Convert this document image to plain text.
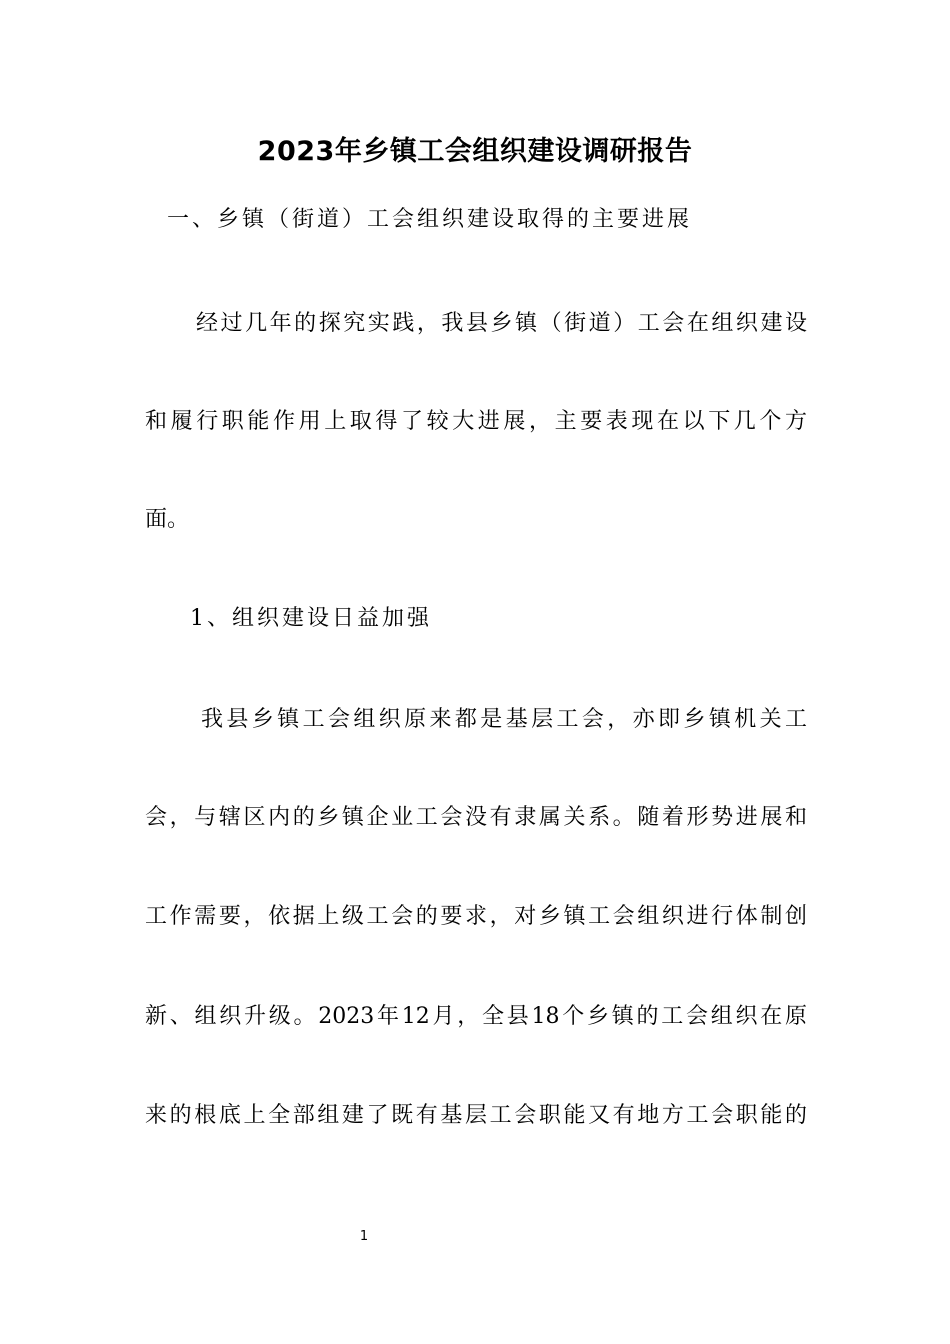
2023年乡镇工会组织建设调研报告
一、乡镇（街道）工会组织建设取得的主要进展
经过几年的探究实践，我县乡镇（街道）工会在组织建设
和履行职能作用上取得了较大进展，主要表现在以下几个方
面。
1、组织建设日益加强
我县乡镇工会组织原来都是基层工会，亦即乡镇机关工
会，与辖区内的乡镇企业工会没有隶属关系。随着形势进展和
工作需要，依据上级工会的要求，对乡镇工会组织进行体制创
新、组织升级。2023年12月，全县18个乡镇的工会组织在原
来的根底上全部组建了既有基层工会职能又有地方工会职能的
1
